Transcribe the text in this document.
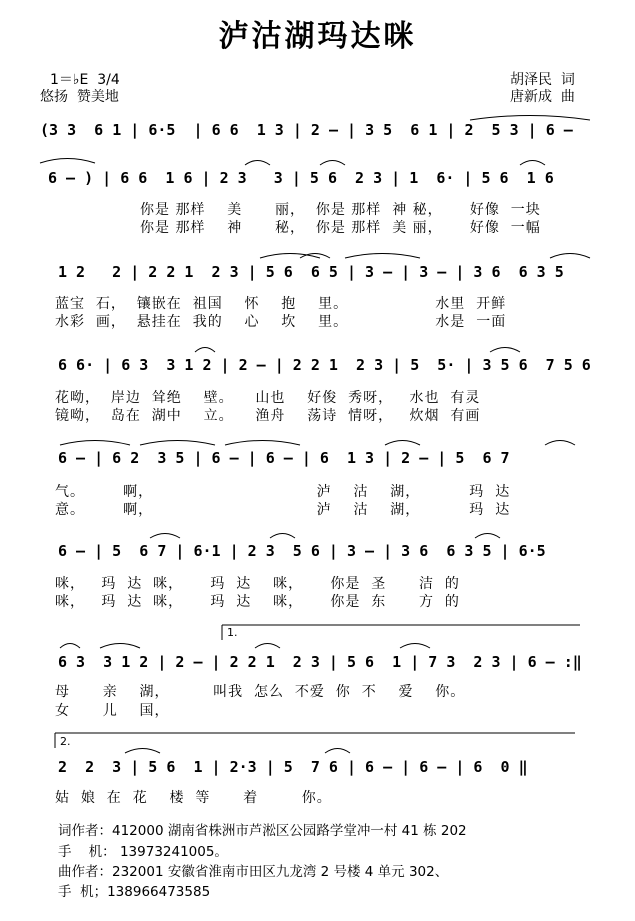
泸沽湖玛达咪
1＝♭E  3/4
悠扬  赞美地
胡泽民  词
唐新成  曲
(3 3  6 1 | 6·5  | 6 6  1 3 | 2 — | 3 5  6 1 | 2  5 3 | 6 —
6 — ) | 6 6  1 6 | 2 3   3 | 5 6  2 3 | 1  6· | 5 6  1 6
你是 那样    美      丽，  你是 那样  神 秘，     好像  一块
你是 那样    神      秘，  你是 那样  美 丽，     好像  一幅
1 2   2 | 2 2 1  2 3 | 5 6  6 5 | 3 — | 3 — | 3 6  6 3 5
蓝宝  石，  镶嵌在  祖国    怀    抱    里。                水里  开鲜
水彩  画，  悬挂在  我的    心    坎    里。                水是  一面
6 6· | 6 3  3 1 2 | 2 — | 2 2 1  2 3 | 5  5· | 3 5 6  7 5 6
花呦，  岸边  耸绝    壁。    山也    好俊  秀呀，   水也  有灵
镜呦，  岛在  湖中    立。    渔舟    荡诗  情呀，   炊烟  有画
6 — | 6 2  3 5 | 6 — | 6 — | 6  1 3 | 2 — | 5  6 7
气。       啊，                              泸    沽    湖，         玛  达
意。       啊，                              泸    沽    湖，         玛  达
6 — | 5  6 7 | 6·1 | 2 3  5 6 | 3 — | 3 6  6 3 5 | 6·5
咪，   玛  达  咪，     玛  达    咪，     你是  圣      洁  的
咪，   玛  达  咪，     玛  达    咪，     你是  东      方  的
1.
6 3  3 1 2 | 2 — | 2 2 1  2 3 | 5 6  1 | 7 3  2 3 | 6 — :‖
母      亲    湖，        叫我  怎么  不爱  你  不    爱    你。
女      儿    国，
2.
2  2  3 | 5 6  1 | 2·3 | 5  7 6 | 6 — | 6 — | 6  0 ‖
姑  娘  在  花    楼  等      着        你。
词作者：412000 湖南省株洲市芦淞区公园路学堂冲一村 41 栋 202
手    机： 13973241005。
曲作者：232001 安徽省淮南市田区九龙湾 2 号楼 4 单元 302、
手  机；138966473585
